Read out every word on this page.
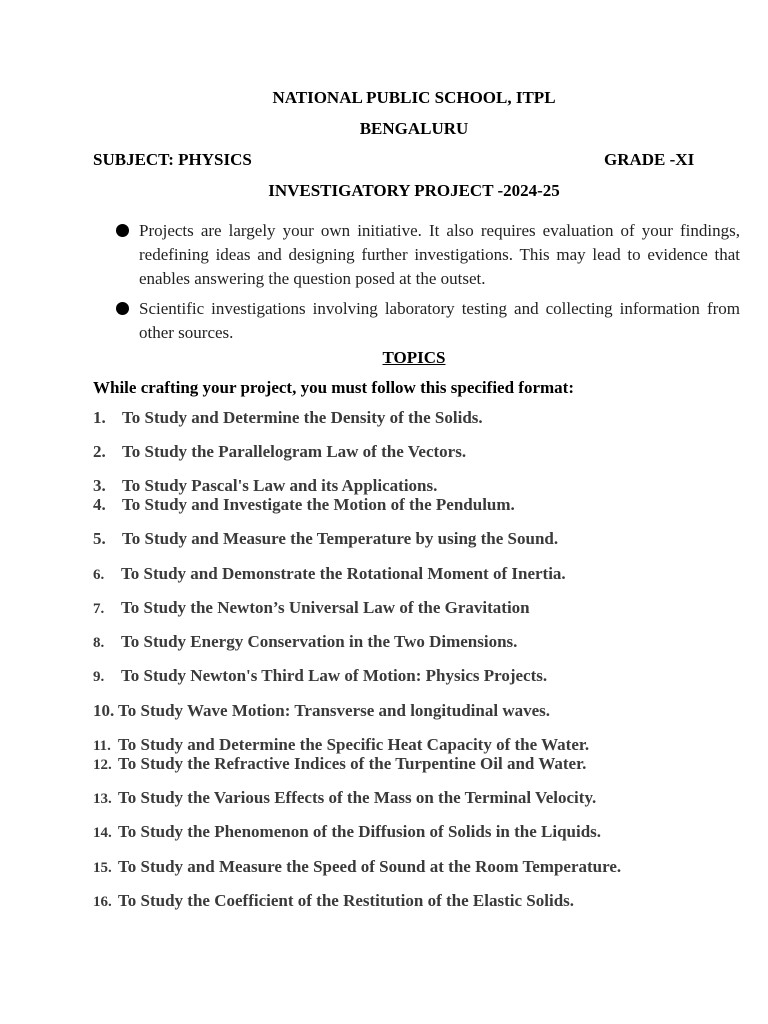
NATIONAL PUBLIC SCHOOL, ITPL
BENGALURU
SUBJECT: PHYSICS	GRADE -XI
INVESTIGATORY PROJECT -2024-25
Projects are largely your own initiative. It also requires evaluation of your findings, redefining ideas and designing further investigations. This may lead to evidence that enables answering the question posed at the outset.
Scientific investigations involving laboratory testing and collecting information from other sources.
TOPICS
While crafting your project, you must follow this specified format:
1. To Study and Determine the Density of the Solids.
2. To Study the Parallelogram Law of the Vectors.
3. To Study Pascal's Law and its Applications.
4. To Study and Investigate the Motion of the Pendulum.
5. To Study and Measure the Temperature by using the Sound.
6. To Study and Demonstrate the Rotational Moment of Inertia.
7. To Study the Newton’s Universal Law of the Gravitation
8. To Study Energy Conservation in the Two Dimensions.
9. To Study Newton's Third Law of Motion: Physics Projects.
10. To Study Wave Motion: Transverse and longitudinal waves.
11. To Study and Determine the Specific Heat Capacity of the Water.
12. To Study the Refractive Indices of the Turpentine Oil and Water.
13. To Study the Various Effects of the Mass on the Terminal Velocity.
14. To Study the Phenomenon of the Diffusion of Solids in the Liquids.
15. To Study and Measure the Speed of Sound at the Room Temperature.
16. To Study the Coefficient of the Restitution of the Elastic Solids.
